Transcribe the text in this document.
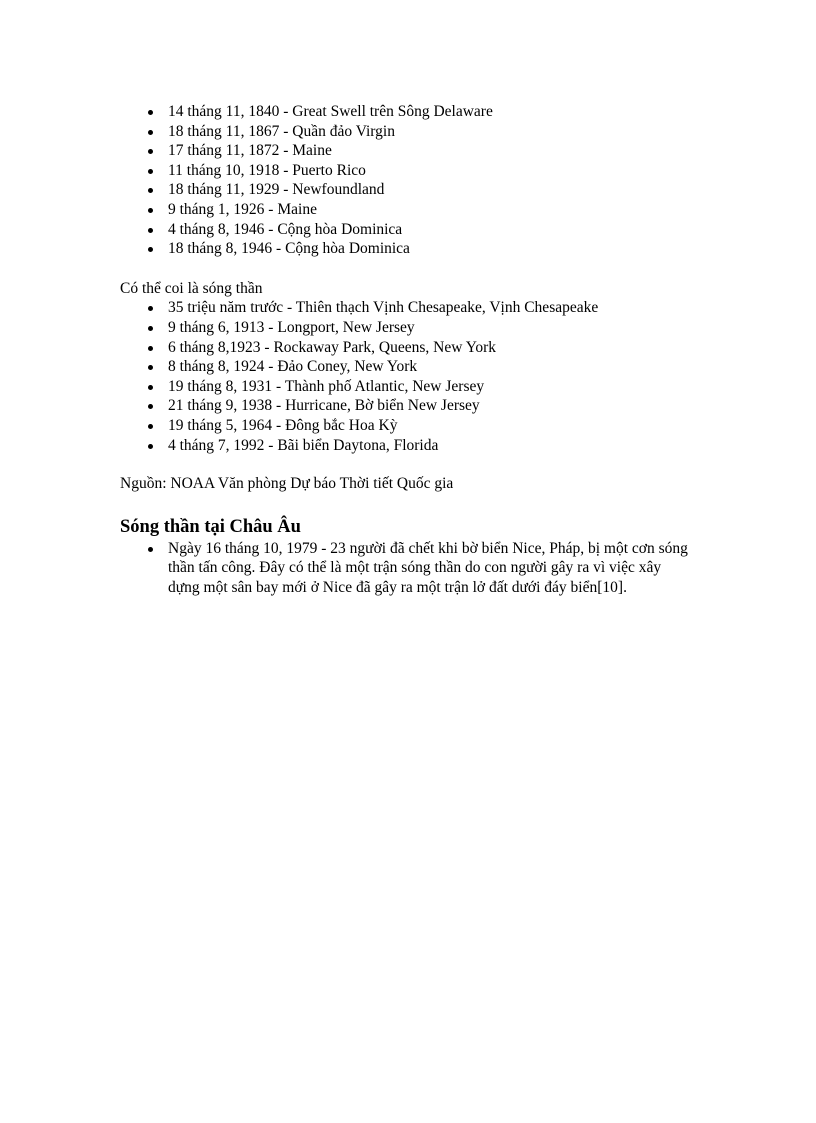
14 tháng 11, 1840 - Great Swell trên Sông Delaware
18 tháng 11, 1867 - Quần đảo Virgin
17 tháng 11, 1872 - Maine
11 tháng 10, 1918 - Puerto Rico
18 tháng 11, 1929 - Newfoundland
9 tháng 1, 1926 - Maine
4 tháng 8, 1946 - Cộng hòa Dominica
18 tháng 8, 1946 - Cộng hòa Dominica

Có thể coi là sóng thần

35 triệu năm trước - Thiên thạch Vịnh Chesapeake, Vịnh Chesapeake
9 tháng 6, 1913 - Longport, New Jersey
6 tháng 8,1923 - Rockaway Park, Queens, New York
8 tháng 8, 1924 - Đảo Coney, New York
19 tháng 8, 1931 - Thành phố Atlantic, New Jersey
21 tháng 9, 1938 - Hurricane, Bờ biển New Jersey
19 tháng 5, 1964 - Đông bắc Hoa Kỳ
4 tháng 7, 1992 - Bãi biển Daytona, Florida

Nguồn: NOAA Văn phòng Dự báo Thời tiết Quốc gia

Sóng thần tại Châu Âu
Ngày 16 tháng 10, 1979 - 23 người đã chết khi bờ biển Nice, Pháp, bị một cơn sóng thần tấn công. Đây có thể là một trận sóng thần do con người gây ra vì việc xây dựng một sân bay mới ở Nice đã gây ra một trận lở đất dưới đáy biển[10].
